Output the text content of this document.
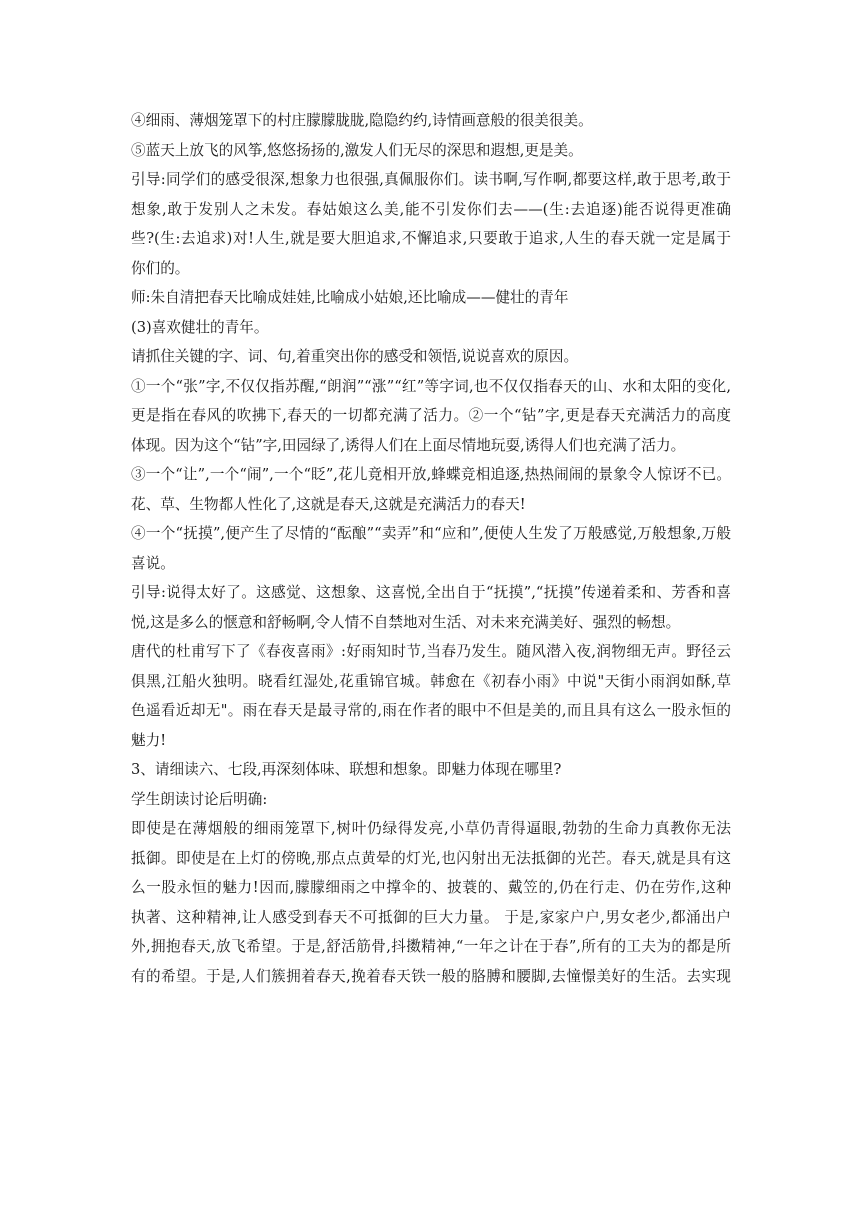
④细雨、薄烟笼罩下的村庄朦朦胧胧,隐隐约约,诗情画意般的很美很美。
⑤蓝天上放飞的风筝,悠悠扬扬的,激发人们无尽的深思和遐想,更是美。
引导:同学们的感受很深,想象力也很强,真佩服你们。读书啊,写作啊,都要这样,敢于思考,敢于
想象,敢于发别人之未发。春姑娘这么美,能不引发你们去——(生:去追逐)能否说得更准确
些?(生:去追求)对!人生,就是要大胆追求,不懈追求,只要敢于追求,人生的春天就一定是属于
你们的。
师:朱自清把春天比喻成娃娃,比喻成小姑娘,还比喻成——健壮的青年
(3)喜欢健壮的青年。
请抓住关键的字、词、句,着重突出你的感受和领悟,说说喜欢的原因。
①一个“张”字,不仅仅指苏醒,“朗润”“涨”“红”等字词,也不仅仅指春天的山、水和太阳的变化,
更是指在春风的吹拂下,春天的一切都充满了活力。②一个“钻”字,更是春天充满活力的高度
体现。因为这个“钻”字,田园绿了,诱得人们在上面尽情地玩耍,诱得人们也充满了活力。
③一个“让”,一个“闹”,一个“眨”,花儿竟相开放,蜂蝶竞相追逐,热热闹闹的景象令人惊讶不已。
花、草、生物都人性化了,这就是春天,这就是充满活力的春天!
④一个“抚摸”,便产生了尽情的“酝酿”“卖弄”和“应和”,便使人生发了万般感觉,万般想象,万般
喜说。
引导:说得太好了。这感觉、这想象、这喜悦,全出自于“抚摸”,“抚摸”传递着柔和、芳香和喜
悦,这是多么的惬意和舒畅啊,令人情不自禁地对生活、对未来充满美好、强烈的畅想。
唐代的杜甫写下了《春夜喜雨》:好雨知时节,当春乃发生。随风潜入夜,润物细无声。野径云
俱黑,江船火独明。晓看红湿处,花重锦官城。韩愈在《初春小雨》中说"天街小雨润如酥,草
色遥看近却无"。雨在春天是最寻常的,雨在作者的眼中不但是美的,而且具有这么一股永恒的
魅力!
3、请细读六、七段,再深刻体味、联想和想象。即魅力体现在哪里?
学生朗读讨论后明确:
即使是在薄烟般的细雨笼罩下,树叶仍绿得发亮,小草仍青得逼眼,勃勃的生命力真教你无法
抵御。即使是在上灯的傍晚,那点点黄晕的灯光,也闪射出无法抵御的光芒。春天,就是具有这
么一股永恒的魅力!因而,朦朦细雨之中撑伞的、披蓑的、戴笠的,仍在行走、仍在劳作,这种
执著、这种精神,让人感受到春天不可抵御的巨大力量。 于是,家家户户,男女老少,都涌出户
外,拥抱春天,放飞希望。于是,舒活筋骨,抖擞精神,“一年之计在于春”,所有的工夫为的都是所
有的希望。于是,人们簇拥着春天,挽着春天铁一般的胳膊和腰脚,去憧憬美好的生活。去实现
